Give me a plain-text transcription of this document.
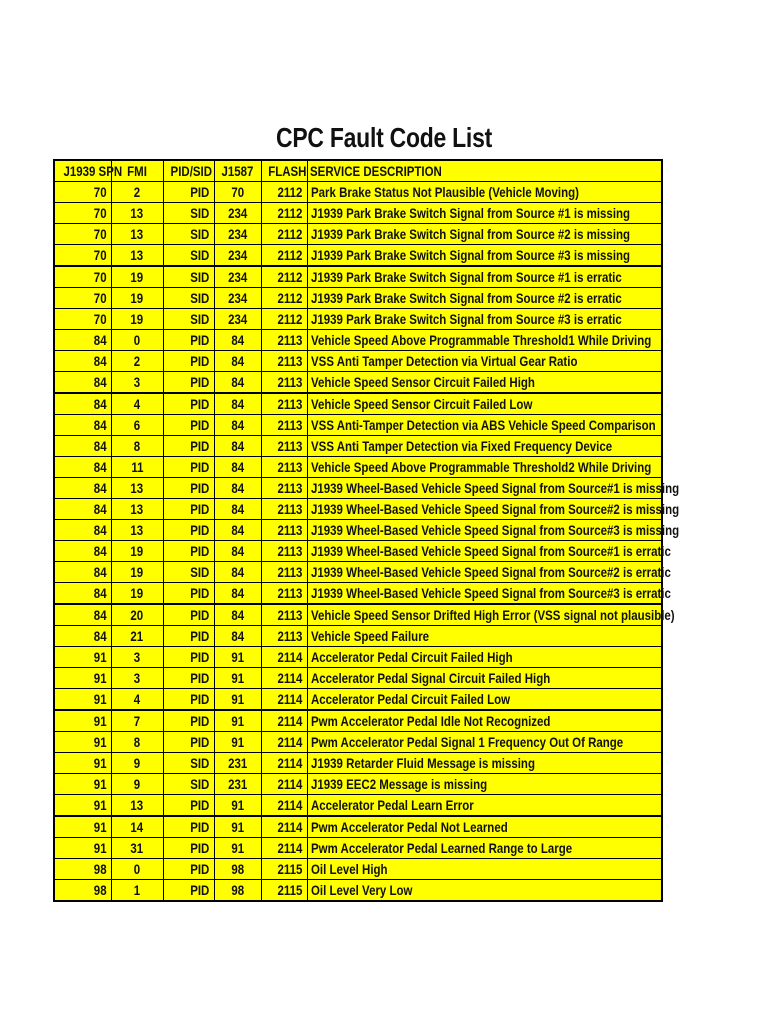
CPC Fault Code List
J1939 SPN	FMI	PID/SID	J1587	FLASH	SERVICE DESCRIPTION
70	2	PID	70	2112	Park Brake Status Not Plausible (Vehicle Moving)
70	13	SID	234	2112	J1939 Park Brake Switch Signal from Source #1 is missing
70	13	SID	234	2112	J1939 Park Brake Switch Signal from Source #2 is missing
70	13	SID	234	2112	J1939 Park Brake Switch Signal from Source #3 is missing
70	19	SID	234	2112	J1939 Park Brake Switch Signal from Source #1 is erratic
70	19	SID	234	2112	J1939 Park Brake Switch Signal from Source #2 is erratic
70	19	SID	234	2112	J1939 Park Brake Switch Signal from Source #3 is erratic
84	0	PID	84	2113	Vehicle Speed Above Programmable Threshold1 While Driving
84	2	PID	84	2113	VSS Anti Tamper Detection via Virtual Gear Ratio
84	3	PID	84	2113	Vehicle Speed Sensor Circuit Failed High
84	4	PID	84	2113	Vehicle Speed Sensor Circuit Failed Low
84	6	PID	84	2113	VSS Anti-Tamper Detection via ABS Vehicle Speed Comparison
84	8	PID	84	2113	VSS Anti Tamper Detection via Fixed Frequency Device
84	11	PID	84	2113	Vehicle Speed Above Programmable Threshold2 While Driving
84	13	PID	84	2113	J1939 Wheel-Based Vehicle Speed Signal from Source#1 is missing
84	13	PID	84	2113	J1939 Wheel-Based Vehicle Speed Signal from Source#2 is missing
84	13	PID	84	2113	J1939 Wheel-Based Vehicle Speed Signal from Source#3 is missing
84	19	PID	84	2113	J1939 Wheel-Based Vehicle Speed Signal from Source#1 is erratic
84	19	SID	84	2113	J1939 Wheel-Based Vehicle Speed Signal from Source#2 is erratic
84	19	PID	84	2113	J1939 Wheel-Based Vehicle Speed Signal from Source#3 is erratic
84	20	PID	84	2113	Vehicle Speed Sensor Drifted High Error (VSS signal not plausible)
84	21	PID	84	2113	Vehicle Speed Failure
91	3	PID	91	2114	Accelerator Pedal Circuit Failed High
91	3	PID	91	2114	Accelerator Pedal Signal Circuit Failed High
91	4	PID	91	2114	Accelerator Pedal Circuit Failed Low
91	7	PID	91	2114	Pwm Accelerator Pedal Idle Not Recognized
91	8	PID	91	2114	Pwm Accelerator Pedal Signal 1 Frequency Out Of Range
91	9	SID	231	2114	J1939 Retarder Fluid Message is missing
91	9	SID	231	2114	J1939 EEC2 Message is missing
91	13	PID	91	2114	Accelerator Pedal Learn Error
91	14	PID	91	2114	Pwm Accelerator Pedal Not Learned
91	31	PID	91	2114	Pwm Accelerator Pedal Learned Range to Large
98	0	PID	98	2115	Oil Level High
98	1	PID	98	2115	Oil Level Very Low
